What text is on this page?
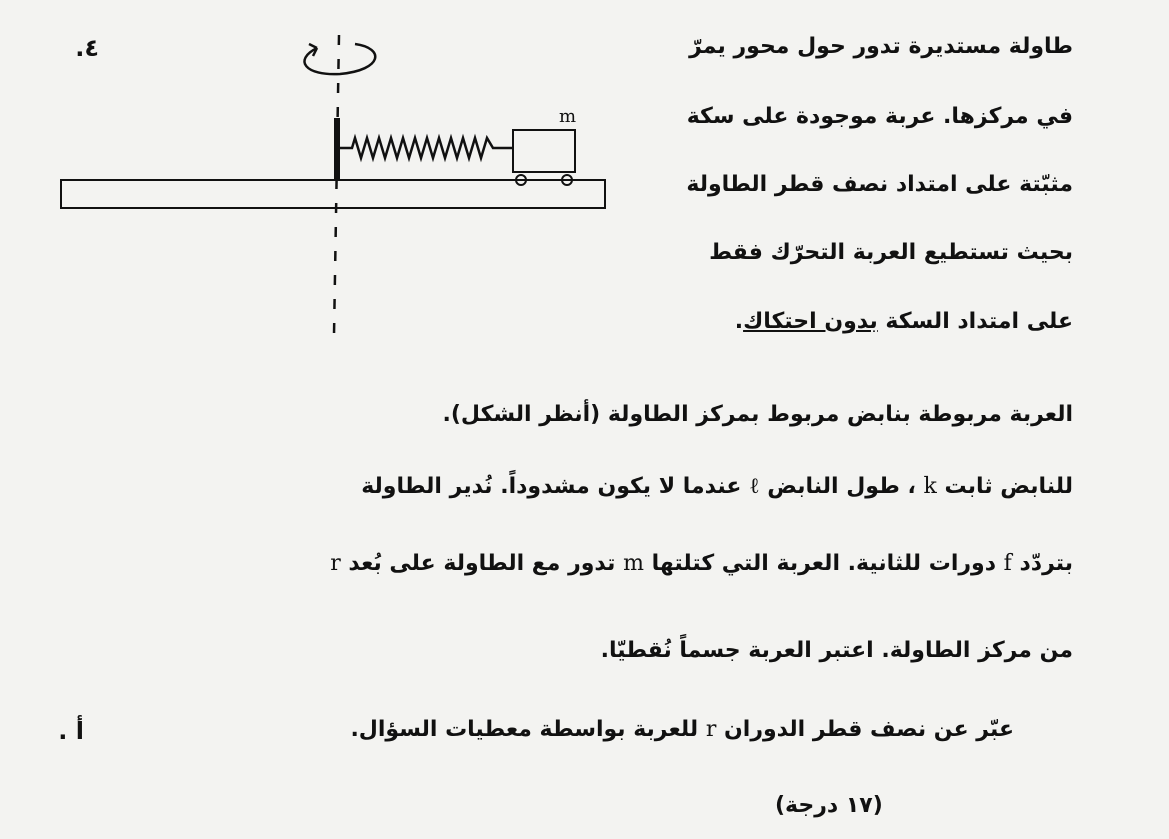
m
٤.	طاولة مستديرة تدور حول محور يمرّ
في مركزها. عربة موجودة على سكة
مثبّتة على امتداد نصف قطر الطاولة
بحيث تستطيع العربة التحرّك فقط
على امتداد السكة بدون احتكاك.
العربة مربوطة بنابض مربوط بمركز الطاولة (أنظر الشكل).
للنابض ثابت k ، طول النابض ℓ عندما لا يكون مشدوداً. نُدير الطاولة
بتردّد f دورات للثانية. العربة التي كتلتها m تدور مع الطاولة على بُعد r
من مركز الطاولة. اعتبر العربة جسماً نُقطيّا.
أ .	عبّر عن نصف قطر الدوران r للعربة بواسطة معطيات السؤال.
(١٧ درجة)
